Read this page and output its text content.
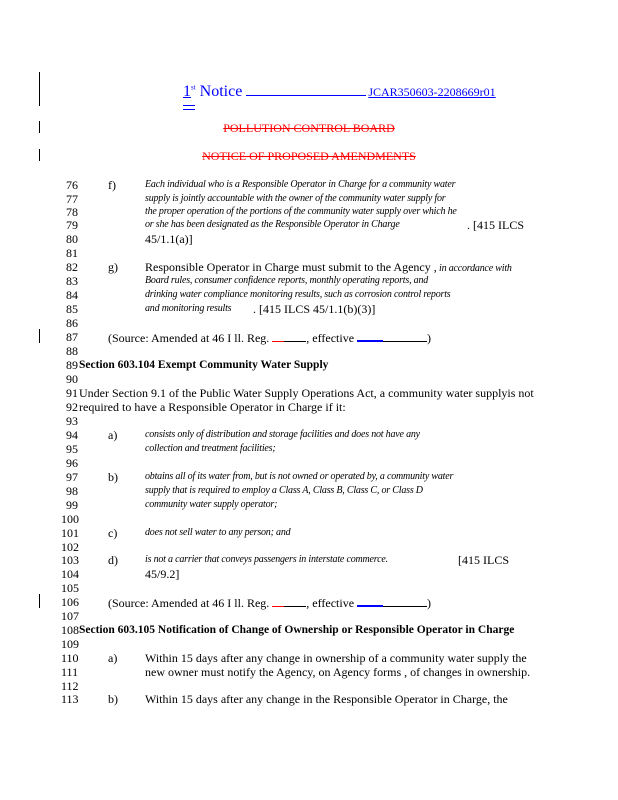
1st Notice	JCAR350603-2208669r01
POLLUTION CONTROL BOARD
NOTICE OF PROPOSED AMENDMENTS
76	f)	Each individual who is a Responsible Operator in Charge for a community water
77	supply is jointly accountable with the owner of the community water supply for
78	the proper operation of the portions of the community water supply over which he
79	or she has been designated as the Responsible Operator in Charge	. [415 ILCS
80	45/1.1(a)]
81
82	g) Responsible Operator in Charge must submit to the Agency , in accordance with
83	Board rules, consumer confidence reports, monthly operating reports, and
84	drinking water compliance monitoring results, such as corrosion control reports
85	and monitoring results . [415 ILCS 45/1.1(b)(3)]
86
87	(Source: Amended at 46 I ll. Reg.	, effective	)
88
89 Section 603.104 Exempt Community Water Supply
90
91 Under Section 9.1 of the Public Water Supply Operations Act, a community water supplyis not
92 required to have a Responsible Operator in Charge if it:
93
94	a)	consists only of distribution and storage facilities and does not have any
95	collection and treatment facilities;
96
97	b)	obtains all of its water from, but is not owned or operated by, a community water
98	supply that is required to employ a Class A, Class B, Class C, or Class D
99	community water supply operator;
100
101 c)	does not sell water to any person; and
102
103 d)	is not a carrier that conveys passengers in interstate commerce.	[415 ILCS
104	45/9.2]
105
106 (Source: Amended at 46 I ll. Reg.	, effective	)
107
108 Section 603.105 Notification of Change of Ownership or Responsible Operator in Charge
109
110 a) Within 15 days after any change in ownership of a community water supply the
111	new owner must notify the Agency, on Agency forms , of changes in ownership.
112
113 b) Within 15 days after any change in the Responsible Operator in Charge, the
